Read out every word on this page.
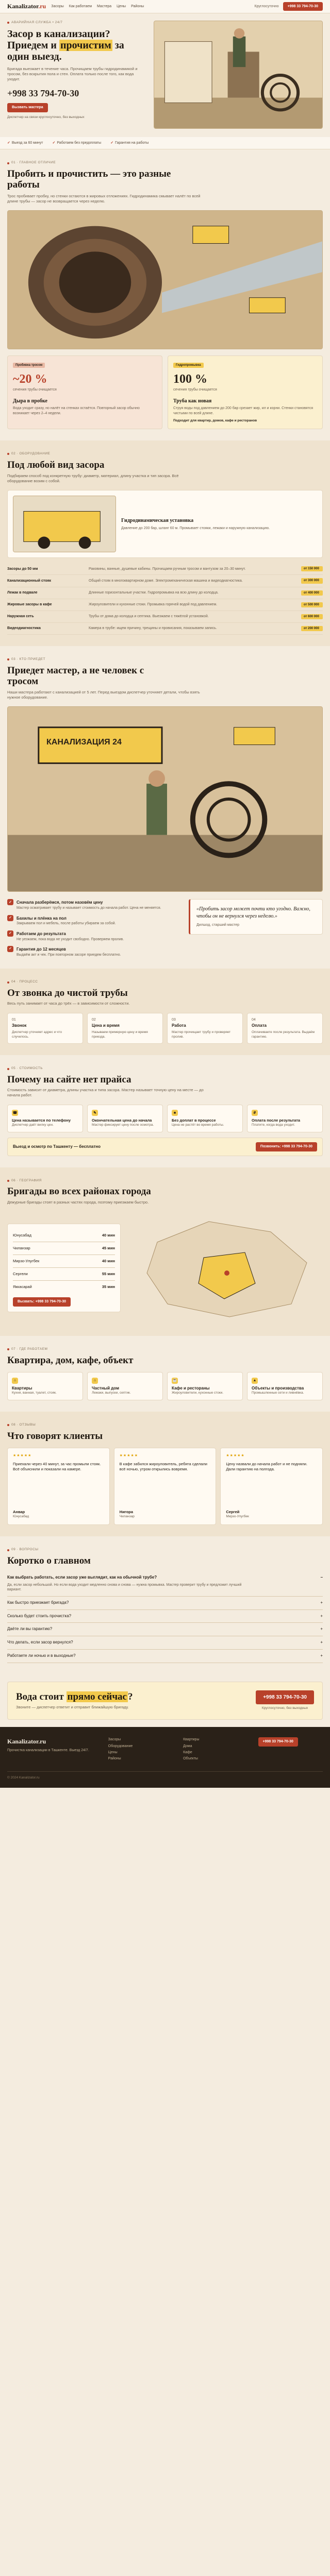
Kanalizator.ru Засоры Как работаем Мастера Цены Районы	Круглосуточно	+998 33 794-70-30
АВАРИЙНАЯ СЛУЖБА • 24/7
Засор в канализации?
Приедем и прочистим за один выезд.

Бригада выезжает в течение часа. Прочищаем трубы гидродинамикой и тросом, без вскрытия пола и стен. Оплата только после того, как вода уходит.

+998 33 794-70-30
Вызвать мастера

Диспетчер на связи круглосуточно, без выходных

✓ Выезд за 60 минут	✓ Работаем без предоплаты	✓ Гарантия на работы
01 · ГЛАВНОЕ ОТЛИЧИЕ
Пробить и прочистить — это разные работы

Трос пробивает пробку, но стенки остаются в жировых отложениях. Гидродинамика смывает налёт по всей длине трубы — засор не возвращается через неделю.

Пробивка тросом
~20 %
сечения трубы очищается
Дыра в пробке

Вода уходит сразу, но налёт на стенках остаётся. Повторный засор обычно возникает через 2–4 недели.

Гидропромывка
100 %
сечения трубы очищается
Труба как новая

Струя воды под давлением до 200 бар срезает жир, ил и корни. Стенки становятся чистыми по всей длине.

Подходит для квартир, домов, кафе и ресторанов

02 · ОБОРУДОВАНИЕ
Под любой вид засора

Подбираем способ под конкретную трубу: диаметр, материал, длину участка и тип засора. Всё оборудование возим с собой.

Гидродинамическая установка

Давление до 200 бар, шланг 60 м. Промывает стояки, лежаки и наружную канализацию.

Засоры до 50 мм	Раковины, ванные, душевые кабины. Прочищаем ручным тросом и вантузом за 20–30 минут.	от 150 000
Канализационный стояк	Общий стояк в многоквартирном доме. Электромеханическая машина и видеодиагностика.	от 300 000
Лежак в подвале	Длинные горизонтальные участки. Гидропромывка на всю длину до колодца.	от 400 000
Жировые засоры в кафе	Жироуловители и кухонные стоки. Промывка горячей водой под давлением.	от 500 000
Наружная сеть	Трубы от дома до колодца и септика. Выезжаем с тяжёлой установкой.	от 600 000
Видеодиагностика	Камера в трубе: ищем причину, трещины и провисания, показываем запись.	от 200 000
03 · КТО ПРИЕДЕТ
Приедет мастер, а не человек с тросом

Наши мастера работают с канализацией от 5 лет. Перед выездом диспетчер уточняет детали, чтобы взять нужное оборудование.

КАНАЛИЗАЦИЯ 24
✓	Сначала разберёмся, потом назовём цену

Мастер осматривает трубу и называет стоимость до начала работ. Цена не меняется.

✓	Бахилы и плёнка на пол

Закрываем пол и мебель, после работы убираем за собой.

✓	Работаем до результата

Не уезжаем, пока вода не уходит свободно. Проверяем пролив.

✓	Гарантия до 12 месяцев

Выдаём акт и чек. При повторном засоре приедем бесплатно.

«Пробить засор может почти кто угодно. Важно, чтобы он не вернулся через неделю.»

Дилшод, старший мастер

04 · ПРОЦЕСС
От звонка до чистой трубы

Весь путь занимает от часа до трёх — в зависимости от сложности.

01
Звонок

Диспетчер уточняет адрес и что случилось.

02
Цена и время

Называем примерную цену и время приезда.

03
Работа

Мастер прочищает трубу и проверяет пролив.

04
Оплата

Оплачиваете после результата. Выдаём гарантию.

05 · СТОИМОСТЬ
Почему на сайте нет прайса

Стоимость зависит от диаметра, длины участка и типа засора. Мастер называет точную цену на месте — до начала работ.

☎
Цена называется по телефону

Диспетчер даёт вилку цен.

✎
Окончательная цена до начала

Мастер фиксирует цену после осмотра.

■
Без доплат в процессе

Цена не растёт во время работы.

₽
Оплата после результата

Платите, когда вода уходит.

Выезд и осмотр по Ташкенту — бесплатно	Позвонить: +998 33 794-70-30
06 · ГЕОГРАФИЯ
Бригады во всех районах города

Дежурные бригады стоят в разных частях города, поэтому приезжаем быстро.

Юнусабад	40 мин
Чиланзар	45 мин
Мирзо-Улугбек	40 мин
Сергели	55 мин
Яккасарай	35 мин
Вызвать: +998 33 794-70-30
07 · ГДЕ РАБОТАЕМ
Квартира, дом, кафе, объект
⌂
Квартиры

Кухня, ванная, туалет, стояк.

⌂
Частный дом

Лежаки, выпуски, септик.

☕
Кафе и рестораны

Жироуловители, кухонные стоки.

▲
Объекты и производства

Промышленные сети и ливнёвка.

08 · ОТЗЫВЫ
Что говорят клиенты
★★★★★

Приехали через 40 минут, за час промыли стояк. Всё объяснили и показали на камере.

Анвар
Юнусабад
★★★★★

В кафе забился жироуловитель, ребята сделали всё ночью, утром открылись вовремя.

Нигора
Чиланзар
★★★★★

Цену назвали до начала работ и не подняли. Дали гарантию на полгода.

Сергей
Мирзо-Улугбек
09 · ВОПРОСЫ
Коротко о главном
Как выбрать работать, если засор уже выглядит, как на обычной трубе?	−

Да, если засор небольшой. Но если вода уходит медленно снова и снова — нужна промывка. Мастер проверит трубу и предложит лучший вариант.

Как быстро приезжает бригада?	+
Сколько будет стоить прочистка?	+
Даёте ли вы гарантию?	+
Что делать, если засор вернулся?	+
Работаете ли ночью и в выходные?	+
Вода стоит прямо сейчас ?

Звоните — диспетчер ответит и отправит ближайшую бригаду.

+998 33 794-70-30

Круглосуточно, без выходных

Kanalizator.ru

Прочистка канализации в Ташкенте. Выезд 24/7.

Засоры
Оборудование
Цены
Районы
Квартиры
Дома
Кафе
Объекты
+998 33 794-70-30

© 2024 Kanalizator.ru
